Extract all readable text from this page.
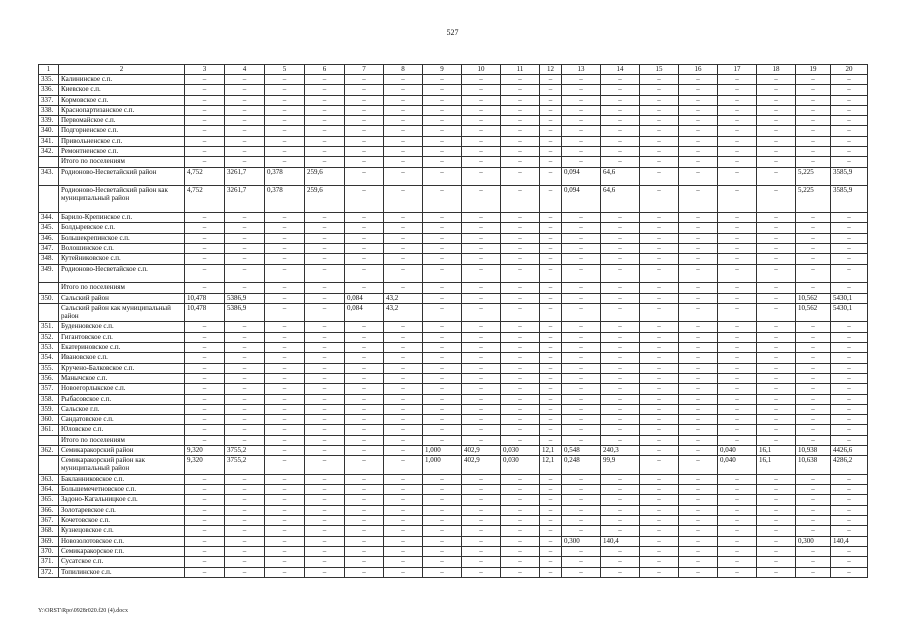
527
1	2	3	4	5	6	7	8	9	10	11	12	13	14	15	16	17	18	19	20
335.	Калининское с.п.	–	–	–	–	–	–	–	–	–	–	–	–	–	–	–	–	–	–
336.	Киевское с.п.	–	–	–	–	–	–	–	–	–	–	–	–	–	–	–	–	–	–
337.	Кормовское с.п.	–	–	–	–	–	–	–	–	–	–	–	–	–	–	–	–	–	–
338.	Краснопартизанское с.п.	–	–	–	–	–	–	–	–	–	–	–	–	–	–	–	–	–	–
339.	Первомайское с.п.	–	–	–	–	–	–	–	–	–	–	–	–	–	–	–	–	–	–
340.	Подгорненское с.п.	–	–	–	–	–	–	–	–	–	–	–	–	–	–	–	–	–	–
341.	Привольненское с.п.	–	–	–	–	–	–	–	–	–	–	–	–	–	–	–	–	–	–
342.	Ремонтненское с.п.	–	–	–	–	–	–	–	–	–	–	–	–	–	–	–	–	–	–
	Итого по поселениям	–	–	–	–	–	–	–	–	–	–	–	–	–	–	–	–	–	–
343.	Родионово-Несветайский район	4,752	3261,7	0,378	259,6	–	–	–	–	–	–	0,094	64,6	–	–	–	–	5,225	3585,9
	Родионово-Несветайский район как муниципальный район	4,752	3261,7	0,378	259,6	–	–	–	–	–	–	0,094	64,6	–	–	–	–	5,225	3585,9
344.	Барило-Крепинское с.п.	–	–	–	–	–	–	–	–	–	–	–	–	–	–	–	–	–	–
345.	Болдыревское с.п.	–	–	–	–	–	–	–	–	–	–	–	–	–	–	–	–	–	–
346.	Большекрепинское с.п.	–	–	–	–	–	–	–	–	–	–	–	–	–	–	–	–	–	–
347.	Волошинское с.п.	–	–	–	–	–	–	–	–	–	–	–	–	–	–	–	–	–	–
348.	Кутейниковское с.п.	–	–	–	–	–	–	–	–	–	–	–	–	–	–	–	–	–	–
349.	Родионово-Несветайское с.п.	–	–	–	–	–	–	–	–	–	–	–	–	–	–	–	–	–	–
	Итого по поселениям	–	–	–	–	–	–	–	–	–	–	–	–	–	–	–	–	–	–
350.	Сальский район	10,478	5386,9	–	–	0,084	43,2	–	–	–	–	–	–	–	–	–	–	10,562	5430,1
	Сальский район как муниципальный район	10,478	5386,9	–	–	0,084	43,2	–	–	–	–	–	–	–	–	–	–	10,562	5430,1
351.	Буденновское с.п.	–	–	–	–	–	–	–	–	–	–	–	–	–	–	–	–	–	–
352.	Гигантовское с.п.	–	–	–	–	–	–	–	–	–	–	–	–	–	–	–	–	–	–
353.	Екатериновское с.п.	–	–	–	–	–	–	–	–	–	–	–	–	–	–	–	–	–	–
354.	Ивановское с.п.	–	–	–	–	–	–	–	–	–	–	–	–	–	–	–	–	–	–
355.	Кручено-Балковское с.п.	–	–	–	–	–	–	–	–	–	–	–	–	–	–	–	–	–	–
356.	Манычское с.п.	–	–	–	–	–	–	–	–	–	–	–	–	–	–	–	–	–	–
357.	Новоегорлыкское с.п.	–	–	–	–	–	–	–	–	–	–	–	–	–	–	–	–	–	–
358.	Рыбасовское с.п.	–	–	–	–	–	–	–	–	–	–	–	–	–	–	–	–	–	–
359.	Сальское г.п.	–	–	–	–	–	–	–	–	–	–	–	–	–	–	–	–	–	–
360.	Сандатовское с.п.	–	–	–	–	–	–	–	–	–	–	–	–	–	–	–	–	–	–
361.	Юловское с.п.	–	–	–	–	–	–	–	–	–	–	–	–	–	–	–	–	–	–
	Итого по поселениям	–	–	–	–	–	–	–	–	–	–	–	–	–	–	–	–	–	–
362.	Семикаракорский район	9,320	3755,2	–	–	–	–	1,000	402,9	0,030	12,1	0,548	240,3	–	–	0,040	16,1	10,938	4426,6
	Семикаракорский район как муниципальный район	9,320	3755,2	–	–	–	–	1,000	402,9	0,030	12,1	0,248	99,9	–	–	0,040	16,1	10,638	4286,2
363.	Бакланниковское с.п.	–	–	–	–	–	–	–	–	–	–	–	–	–	–	–	–	–	–
364.	Большемечетновское с.п.	–	–	–	–	–	–	–	–	–	–	–	–	–	–	–	–	–	–
365.	Задоно-Кагальницкое с.п.	–	–	–	–	–	–	–	–	–	–	–	–	–	–	–	–	–	–
366.	Золотаревское с.п.	–	–	–	–	–	–	–	–	–	–	–	–	–	–	–	–	–	–
367.	Кочетовское с.п.	–	–	–	–	–	–	–	–	–	–	–	–	–	–	–	–	–	–
368.	Кузнецовское с.п.	–	–	–	–	–	–	–	–	–	–	–	–	–	–	–	–	–	–
369.	Новозолотовское с.п.	–	–	–	–	–	–	–	–	–	–	0,300	140,4	–	–	–	–	0,300	140,4
370.	Семикаракорское г.п.	–	–	–	–	–	–	–	–	–	–	–	–	–	–	–	–	–	–
371.	Сусатское с.п.	–	–	–	–	–	–	–	–	–	–	–	–	–	–	–	–	–	–
372.	Топилинское с.п.	–	–	–	–	–	–	–	–	–	–	–	–	–	–	–	–	–	–
Y:\ORST\Rpo\0928r020.f20 (4).docx
